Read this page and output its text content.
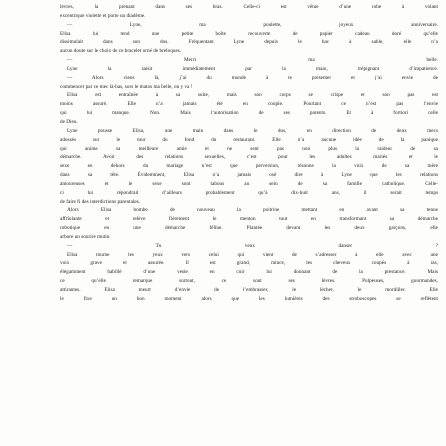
lèvres, la prenant dans ses bras. Celle-ci est vêtue d’une robe à volant
excentrique violette et porte un diadème.
— Lyne, ma poulette, joyeux anniversaire.
Elisa lui tend une petite boîte recouverte de papier cadeau doré qu’elle
dissimulait dans son dos. Fréquentant Lyne depuis le bac à sable, elle n’a
aucun doute sur le choix de ce bracelet orné de breloques.
— Merci ma belle.
Lyne la saisit immédiatement par la main, trépignant d’impatience.
— Alors viens là, j’ai du monde à te présenter et j’ai envie de
commencer par ce mec là-bas, sors le matos ma belle, on y va !
Elisa est entraînée à sa suite, mais son corps se crispe et son pas est
moins assuré. Elle n’a jamais été en couple. Pourtant ce n’est pas l’envie
qui lui manque. Non. Mais l’autorisation de ses parents. Et à fortiori celle
de Dieu.
Lyne pousse Elisa, une main dans le dos, en direction de deux mecs
adossés sur le mur du fond du restaurant. Elle n’a aucune idée de la panique
qui anime sa meilleure amie et ne sent pas non plus la raideur de sa
démarche. Avoir des relations sexuelles, c’est pour les adultes mariés et le
sexe en dehors du mariage n’est que perversion, résonne la voix de sa mère
dans sa tête. Évidemment, Elisa n’a jamais osé dire à Lyne que les relations
amoureuses et le sexe sont tabous au sein de sa famille catholique. Celle-
ci lui répondrait d’ailleurs probablement qu’à dix-huit ans, il serait temps
de faire fi des interdictions parentales.
Alors Elisa bombe de nouveau la poitrine mettant en avant sa tenue
affriolante et relève fièrement le menton tout en transformant sa démarche
robotique en une démarche féline. Plantée devant les deux garçons, elle
arbore un sourire mutin.
— Tu veux danser ?
Elisa tourne les yeux vers celui qui vient de s’adresser à elle avec une
voix grave et assurée. Il est grand, mince, les cheveux coupés à ras,
élégamment habillé d’une veste en cuir lui donnant de la prestance. Mais
ce qu’elle remarque surtout, ce sont ses lèvres. Pulpeuses, gourmandes,
attirantes. Elisa meurt d’envie de l’embrasser, le lécher, le mordiller. Elle
le fixe un bon moment alors que les lumières des stroboscopes se reflètent
